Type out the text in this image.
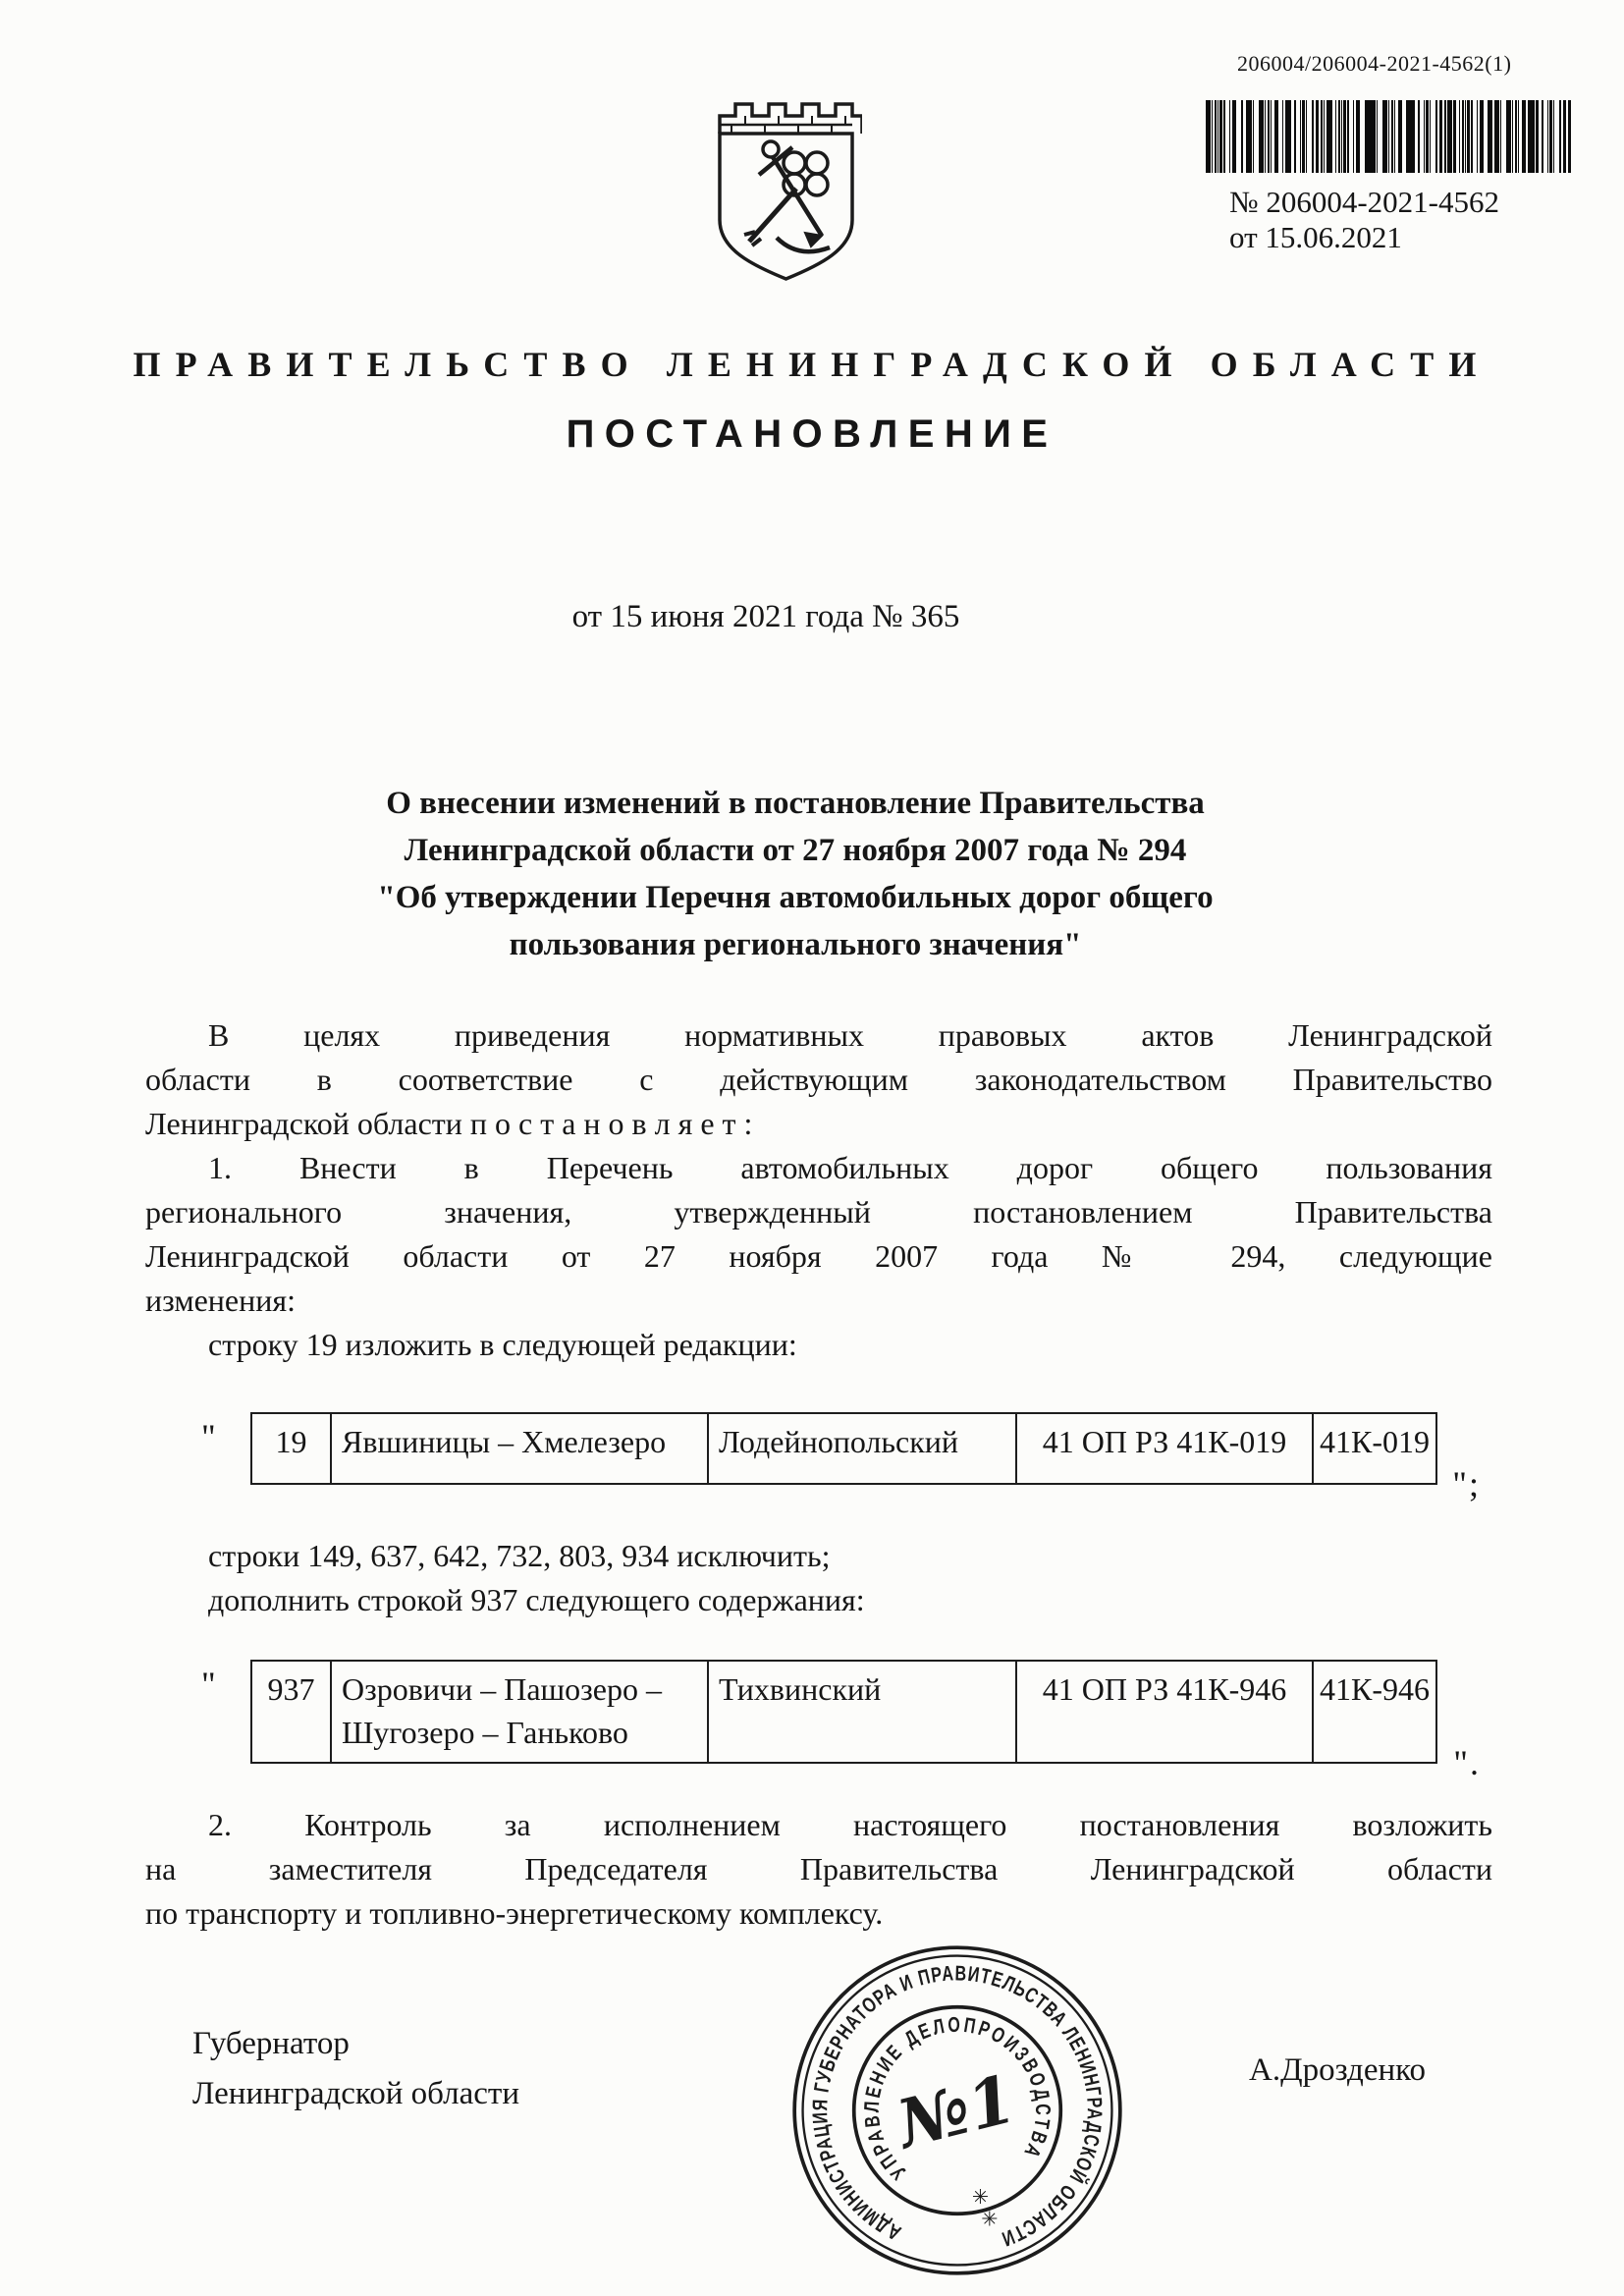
206004/206004-2021-4562(1)
№ 206004-2021-4562
от 15.06.2021
ПРАВИТЕЛЬСТВО ЛЕНИНГРАДСКОЙ ОБЛАСТИ
ПОСТАНОВЛЕНИЕ
от 15 июня 2021 года № 365
О внесении изменений в постановление Правительства
Ленинградской области от 27 ноября 2007 года № 294
"Об утверждении Перечня автомобильных дорог общего
пользования регионального значения"
В целях приведения нормативных правовых актов Ленинградской
области в соответствие с действующим законодательством Правительство
Ленинградской области п о с т а н о в л я е т :
1. Внести в Перечень автомобильных дорог общего пользования
регионального значения, утвержденный постановлением Правительства
Ленинградской области от 27 ноября 2007 года № 294, следующие
изменения:
строку 19 изложить в следующей редакции:
" 19	Явшиницы – Хмелезеро	Лодейнопольский	41 ОП РЗ 41К-019	41К-019
";
строки 149, 637, 642, 732, 803, 934 исключить;
дополнить строкой 937 следующего содержания:
" 937	Озровичи – Пашозеро – Шугозеро – Ганьково	Тихвинский	41 ОП РЗ 41К-946	41К-946
".
2. Контроль за исполнением настоящего постановления возложить
на заместителя Председателя Правительства Ленинградской области
по транспорту и топливно-энергетическому комплексу.
АДМИНИСТРАЦИЯ ГУБЕРНАТОРА И ПРАВИТЕЛЬСТВА ЛЕНИНГРАДСКОЙ ОБЛАСТИ
УПРАВЛЕНИЕ ДЕЛОПРОИЗВОДСТВА
№1
✳
✳
Губернатор
Ленинградской области
А.Дрозденко
